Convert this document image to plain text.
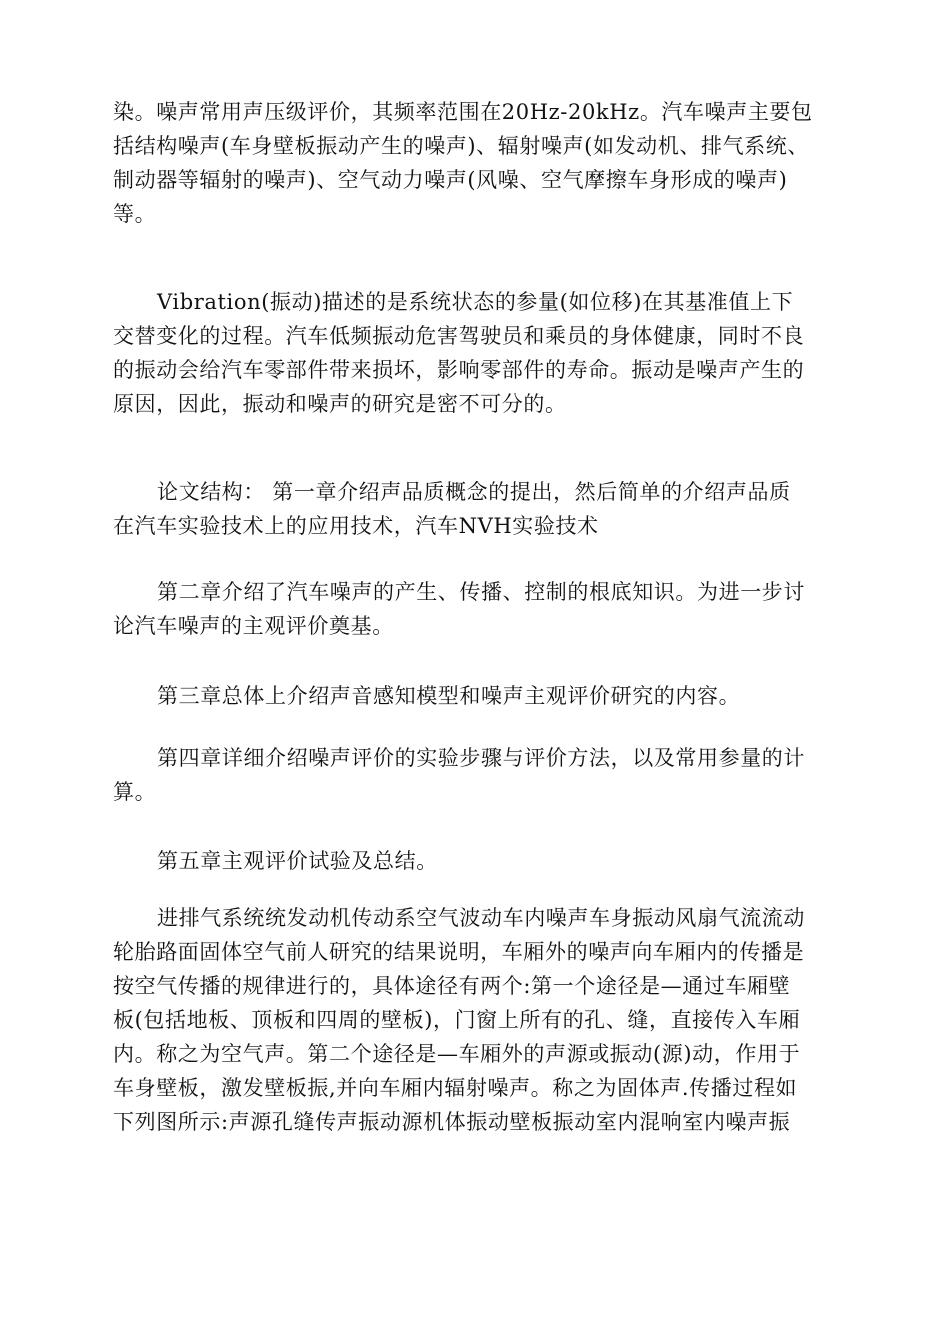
染。噪声常用声压级评价，其频率范围在20Hz-20kHz。汽车噪声主要包
括结构噪声(车身壁板振动产生的噪声)、辐射噪声(如发动机、排气系统、
制动器等辐射的噪声)、空气动力噪声(风噪、空气摩擦车身形成的噪声)
等。
Vibration(振动)描述的是系统状态的参量(如位移)在其基准值上下
交替变化的过程。汽车低频振动危害驾驶员和乘员的身体健康，同时不良
的振动会给汽车零部件带来损坏，影响零部件的寿命。振动是噪声产生的
原因，因此，振动和噪声的研究是密不可分的。
论文结构： 第一章介绍声品质概念的提出，然后简单的介绍声品质
在汽车实验技术上的应用技术，汽车NVH实验技术
第二章介绍了汽车噪声的产生、传播、控制的根底知识。为进一步讨
论汽车噪声的主观评价奠基。
第三章总体上介绍声音感知模型和噪声主观评价研究的内容。
第四章详细介绍噪声评价的实验步骤与评价方法，以及常用参量的计
算。
第五章主观评价试验及总结。
进排气系统统发动机传动系空气波动车内噪声车身振动风扇气流流动
轮胎路面固体空气前人研究的结果说明，车厢外的噪声向车厢内的传播是
按空气传播的规律进行的，具体途径有两个:第一个途径是—通过车厢壁
板(包括地板、顶板和四周的壁板)，门窗上所有的孔、缝，直接传入车厢
内。称之为空气声。第二个途径是—车厢外的声源或振动(源)动，作用于
车身壁板，激发壁板振,并向车厢内辐射噪声。称之为固体声.传播过程如
下列图所示:声源孔缝传声振动源机体振动壁板振动室内混响室内噪声振
